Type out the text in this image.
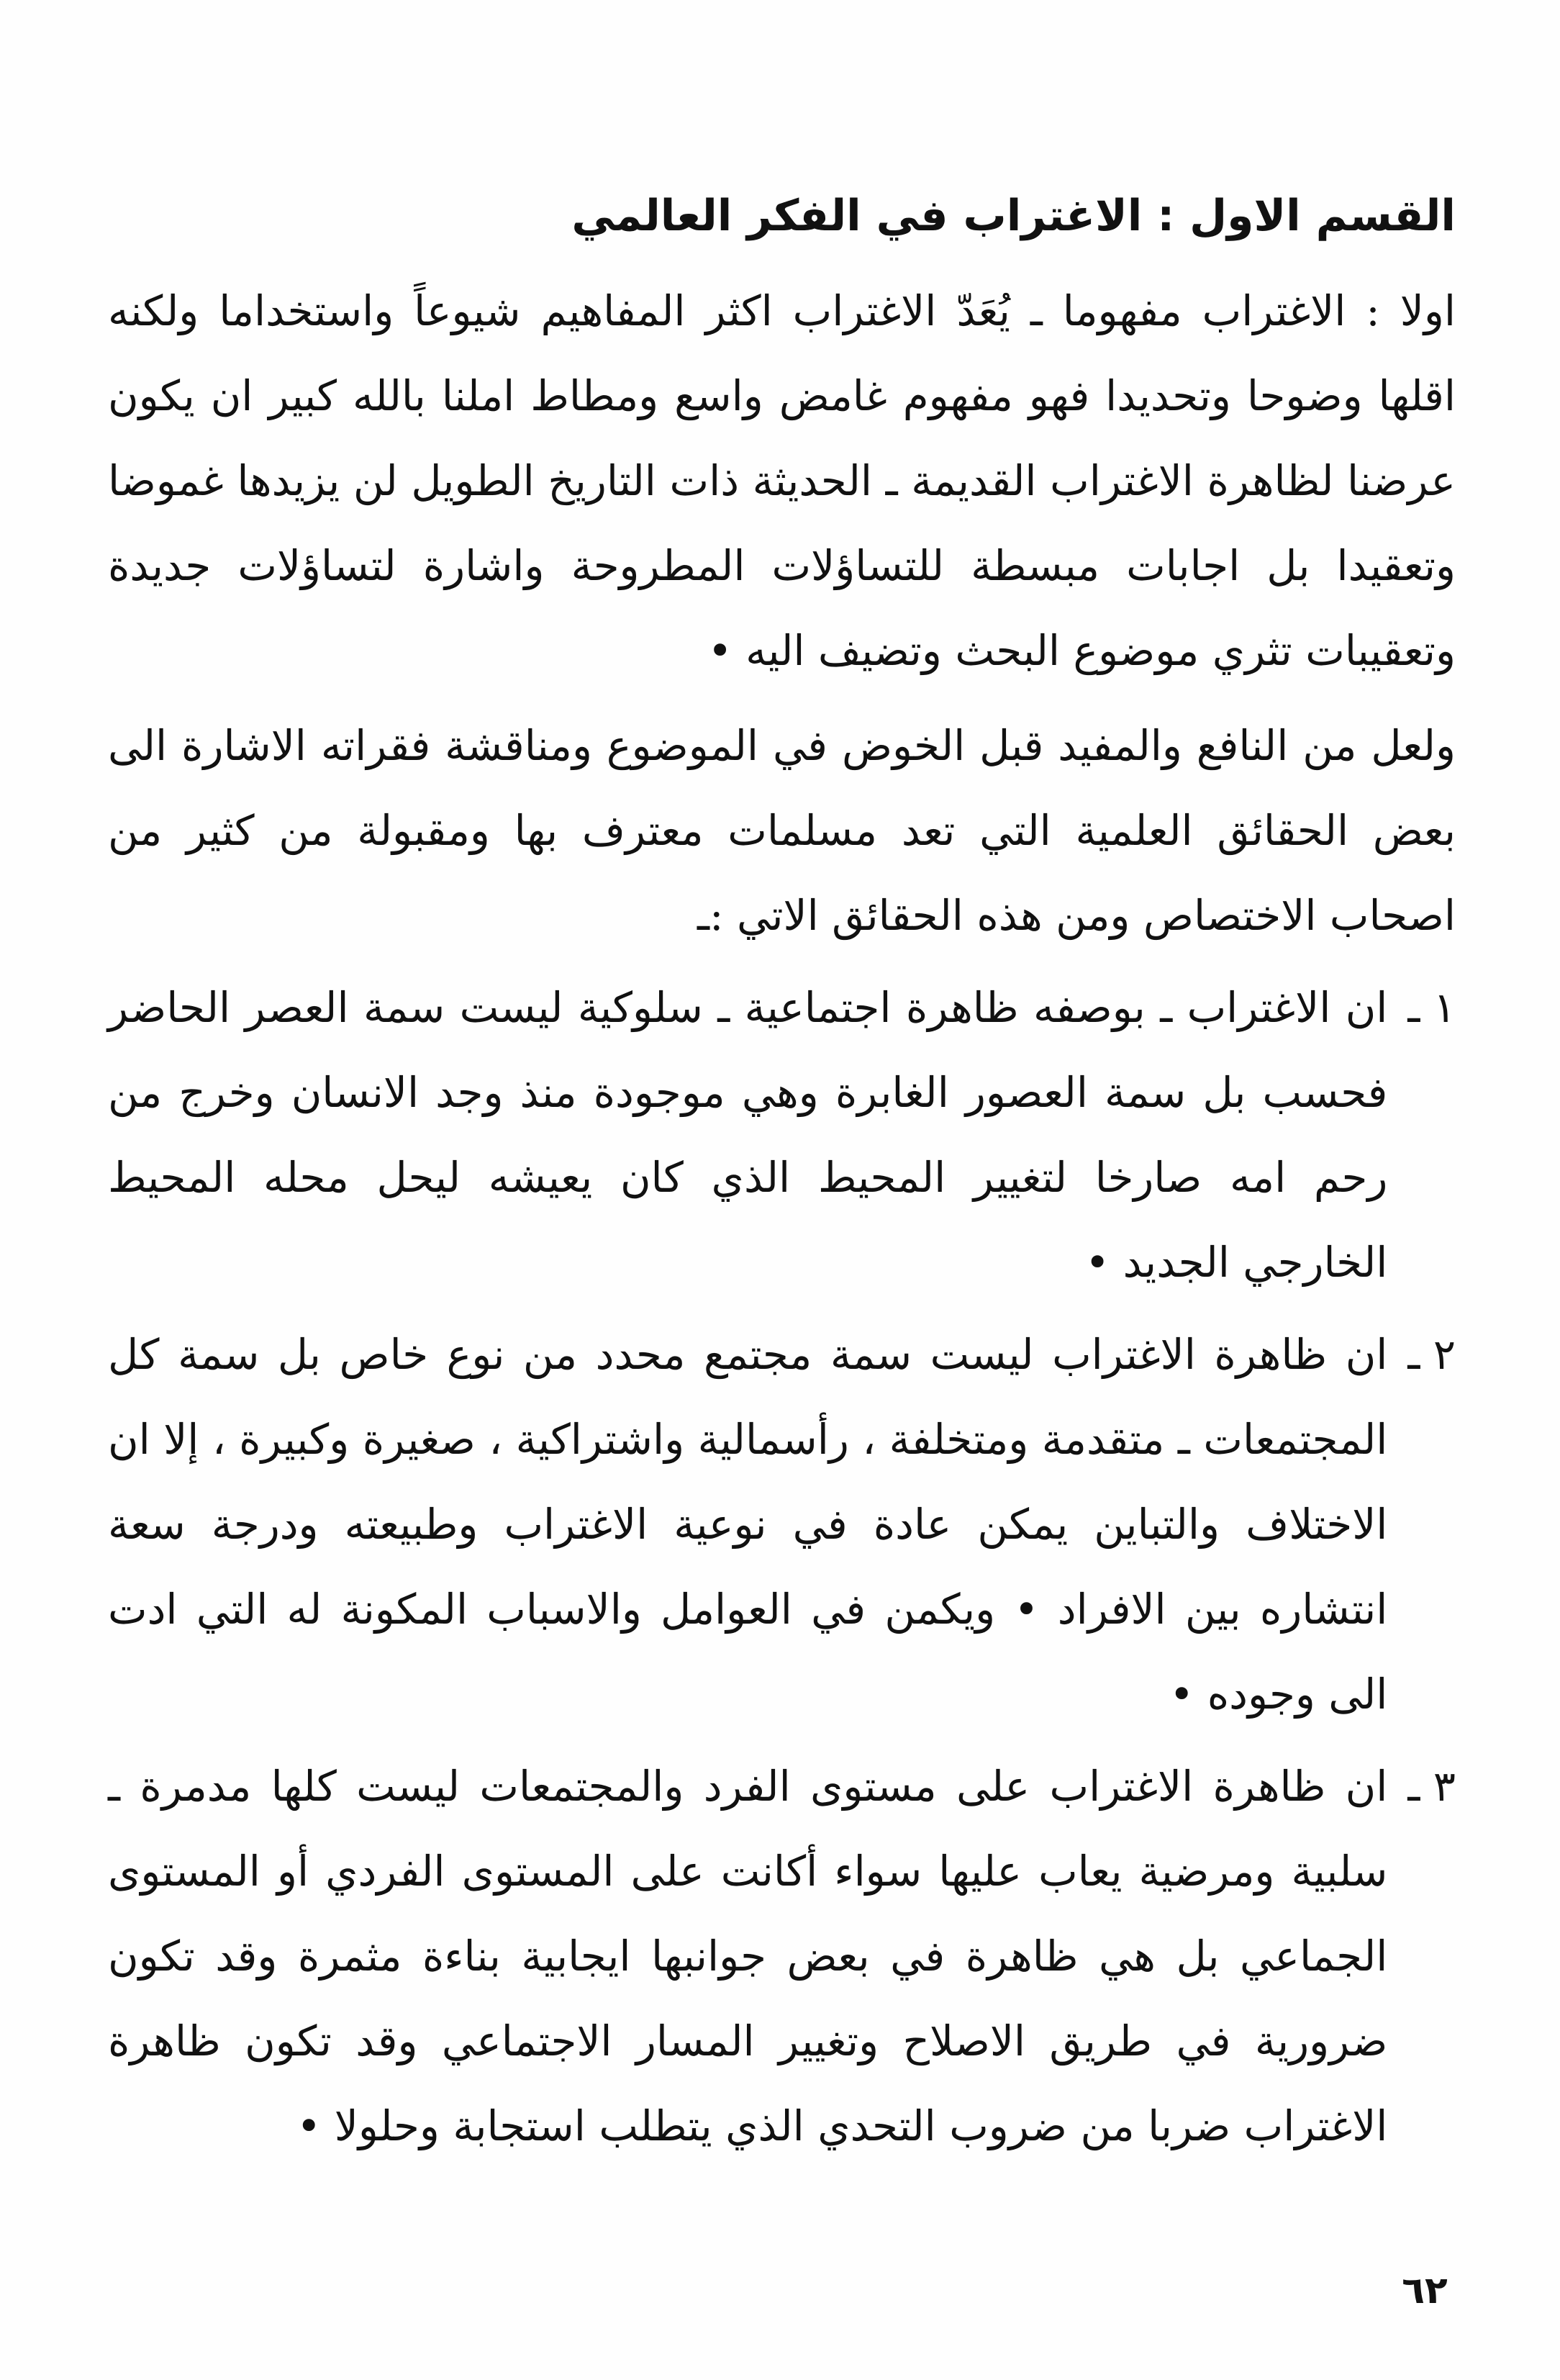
القسم الاول : الاغتراب في الفكر العالمي

اولا : الاغتراب مفهوما ـ يُعَدّ الاغتراب اكثر المفاهيم شيوعاً واستخداما ولكنه اقلها وضوحا وتحديدا فهو مفهوم غامض واسع ومطاط املنا بالله كبير ان يكون عرضنا لظاهرة الاغتراب القديمة ـ الحديثة ذات التاريخ الطويل لن يزيدها غموضا وتعقيدا بل اجابات مبسطة للتساؤلات المطروحة واشارة لتساؤلات جديدة وتعقيبات تثري موضوع البحث وتضيف اليه •

ولعل من النافع والمفيد قبل الخوض في الموضوع ومناقشة فقراته الاشارة الى بعض الحقائق العلمية التي تعد مسلمات معترف بها ومقبولة من كثير من اصحاب الاختصاص ومن هذه الحقائق الاتي :ـ

١ ـ
ان الاغتراب ـ بوصفه ظاهرة اجتماعية ـ سلوكية ليست سمة العصر الحاضر فحسب بل سمة العصور الغابرة وهي موجودة منذ وجد الانسان وخرج من رحم امه صارخا لتغيير المحيط الذي كان يعيشه ليحل محله المحيط الخارجي الجديد •
٢ ـ
ان ظاهرة الاغتراب ليست سمة مجتمع محدد من نوع خاص بل سمة كل المجتمعات ـ متقدمة ومتخلفة ، رأسمالية واشتراكية ، صغيرة وكبيرة ، إلا ان الاختلاف والتباين يمكن عادة في نوعية الاغتراب وطبيعته ودرجة سعة انتشاره بين الافراد • ويكمن في العوامل والاسباب المكونة له التي ادت الى وجوده •
٣ ـ
ان ظاهرة الاغتراب على مستوى الفرد والمجتمعات ليست كلها مدمرة ـ سلبية ومرضية يعاب عليها سواء أكانت على المستوى الفردي أو المستوى الجماعي بل هي ظاهرة في بعض جوانبها ايجابية بناءة مثمرة وقد تكون ضرورية في طريق الاصلاح وتغيير المسار الاجتماعي وقد تكون ظاهرة الاغتراب ضربا من ضروب التحدي الذي يتطلب استجابة وحلولا •
٦٢
